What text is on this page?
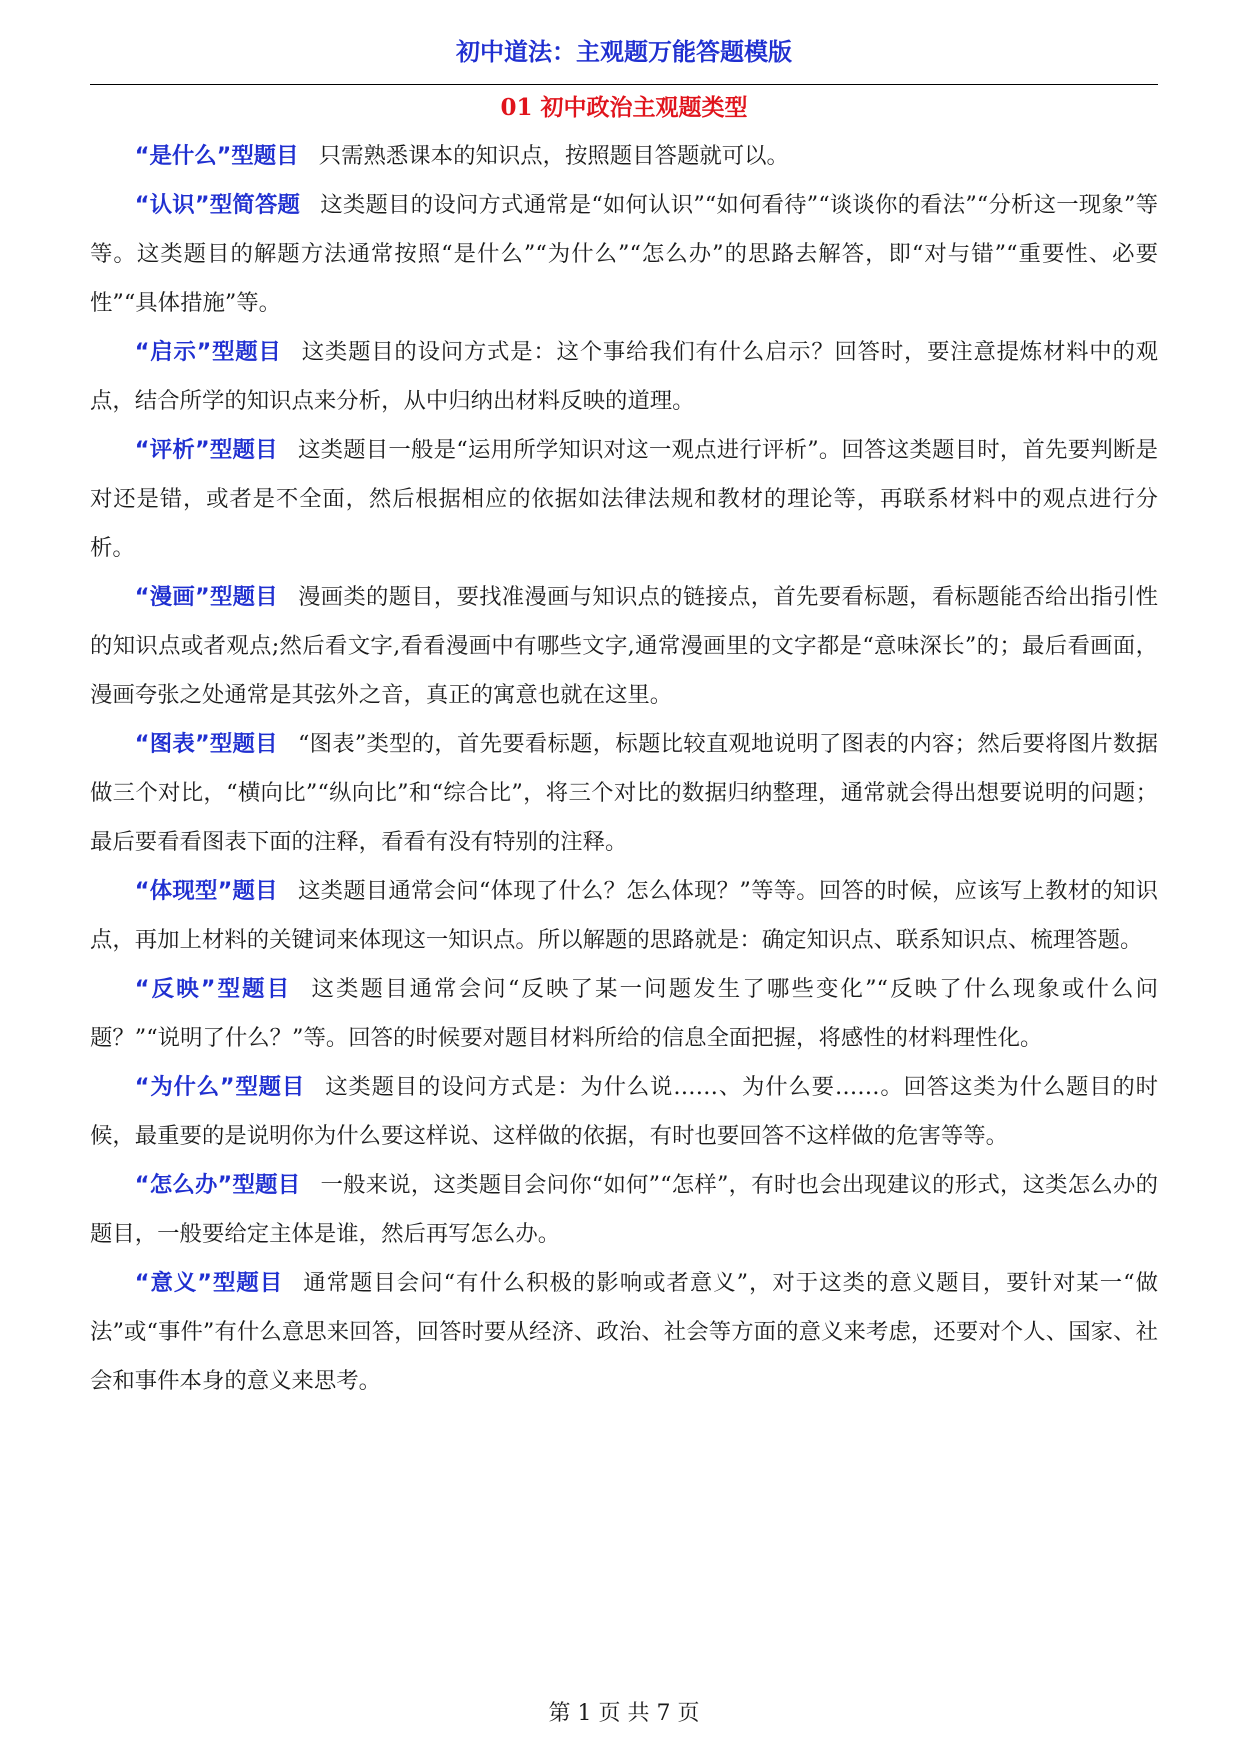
初中道法：主观题万能答题模版
01 初中政治主观题类型

“是什么”型题目 只需熟悉课本的知识点，按照题目答题就可以。

“认识”型简答题 这类题目的设问方式通常是“如何认识”“如何看待”“谈谈你的看法”“分析这一现象”等等。这类题目的解题方法通常按照“是什么”“为什么”“怎么办”的思路去解答，即“对与错”“重要性、必要性”“具体措施”等。

“启示”型题目 这类题目的设问方式是：这个事给我们有什么启示？回答时，要注意提炼材料中的观点，结合所学的知识点来分析，从中归纳出材料反映的道理。

“评析”型题目 这类题目一般是“运用所学知识对这一观点进行评析”。回答这类题目时，首先要判断是对还是错，或者是不全面，然后根据相应的依据如法律法规和教材的理论等，再联系材料中的观点进行分析。

“漫画”型题目 漫画类的题目，要找准漫画与知识点的链接点，首先要看标题，看标题能否给出指引性的知识点或者观点;然后看文字,看看漫画中有哪些文字,通常漫画里的文字都是“意味深长”的；最后看画面，漫画夸张之处通常是其弦外之音，真正的寓意也就在这里。

“图表”型题目 “图表”类型的，首先要看标题，标题比较直观地说明了图表的内容；然后要将图片数据做三个对比，“横向比”“纵向比”和“综合比”，将三个对比的数据归纳整理，通常就会得出想要说明的问题；最后要看看图表下面的注释，看看有没有特别的注释。

“体现型”题目 这类题目通常会问“体现了什么？怎么体现？”等等。回答的时候，应该写上教材的知识点，再加上材料的关键词来体现这一知识点。所以解题的思路就是：确定知识点、联系知识点、梳理答题。

“反映”型题目 这类题目通常会问“反映了某一问题发生了哪些变化”“反映了什么现象或什么问题？”“说明了什么？”等。回答的时候要对题目材料所给的信息全面把握，将感性的材料理性化。

“为什么”型题目 这类题目的设问方式是：为什么说……、为什么要……。回答这类为什么题目的时候，最重要的是说明你为什么要这样说、这样做的依据，有时也要回答不这样做的危害等等。

“怎么办”型题目 一般来说，这类题目会问你“如何”“怎样”，有时也会出现建议的形式，这类怎么办的题目，一般要给定主体是谁，然后再写怎么办。

“意义”型题目 通常题目会问“有什么积极的影响或者意义”，对于这类的意义题目，要针对某一“做法”或“事件”有什么意思来回答，回答时要从经济、政治、社会等方面的意义来考虑，还要对个人、国家、社会和事件本身的意义来思考。

第 1 页 共 7 页
